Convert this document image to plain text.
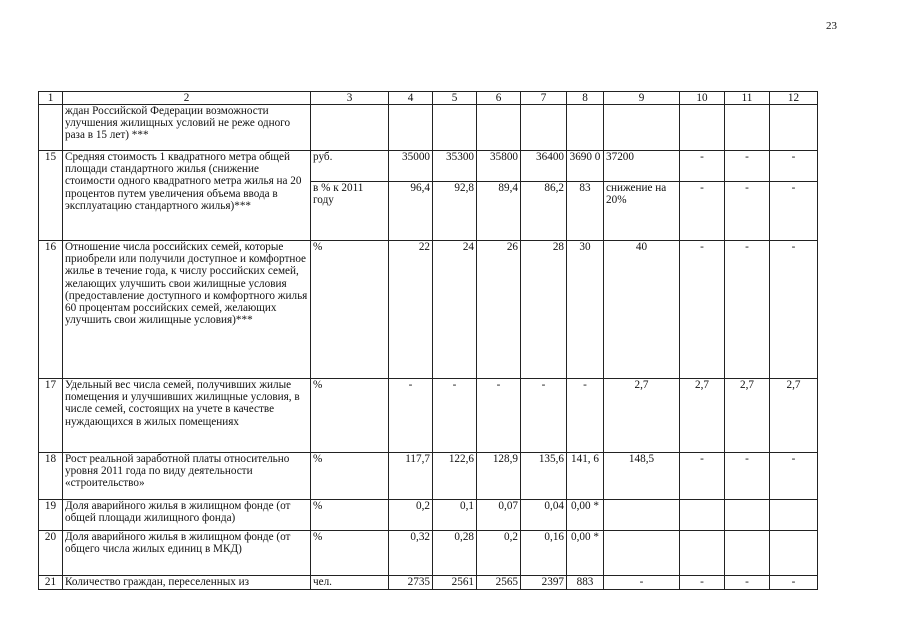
23
1	2	3	4	5	6	7	8	9	10	11	12
	ждан Российской Федерации возможности улучшения жилищных условий не реже одного раза в 15 лет) ***										
15	Средняя стоимость 1 квадратного метра общей площади стандартного жилья (снижение стоимости одного квадратного метра жилья на 20 процентов путем увеличения объема ввода в эксплуатацию стандартного жилья)***	руб.	35000	35300	35800	36400	3690 0	37200	-	-	-
		в % к 2011 году	96,4	92,8	89,4	86,2	83	снижение на 20%	-	-	-
16	Отношение числа российских семей, которые приобрели или получили доступное и комфортное жилье в течение года, к числу российских семей, желающих улучшить свои жилищные условия (предоставление доступного и комфортного жилья 60 процентам российских семей, желающих улучшить свои жилищные условия)***	%	22	24	26	28	30	40	-	-	-
17	Удельный вес числа семей, получивших жилые помещения и улучшивших жилищные условия, в числе семей, состоящих на учете в качестве нуждающихся в жилых помещениях	%	-	-	-	-	-	2,7	2,7	2,7	2,7
18	Рост реальной заработной платы относительно уровня 2011 года по виду деятельности «строительство»	%	117,7	122,6	128,9	135,6	141, 6	148,5	-	-	-
19	Доля аварийного жилья в жилищном фонде (от общей площади жилищного фонда)	%	0,2	0,1	0,07	0,04	0,00 *				
20	Доля аварийного жилья в жилищном фонде (от общего числа жилых единиц в МКД)	%	0,32	0,28	0,2	0,16	0,00 *				
21	Количество граждан, переселенных из	чел.	2735	2561	2565	2397	883	-	-	-	-
